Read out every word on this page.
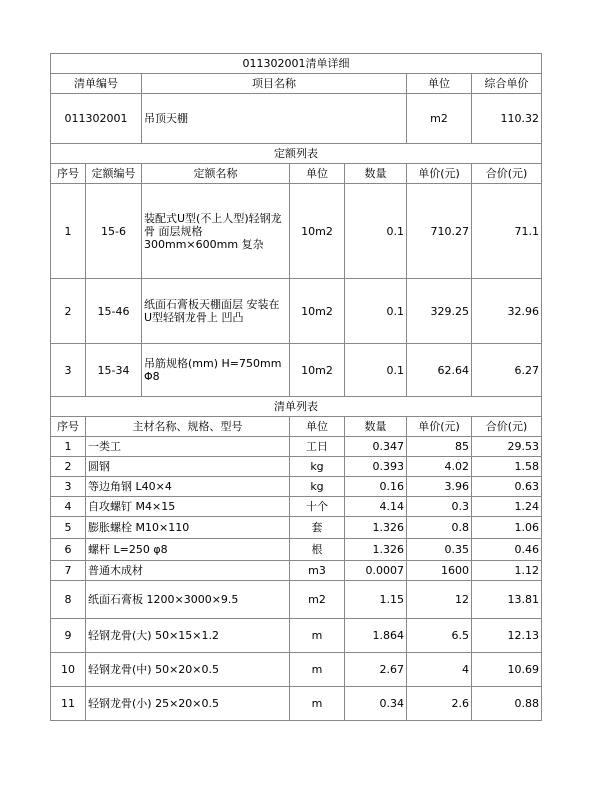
011302001清单详细						
清单编号		项目名称			单位	综合单价
011302001		吊顶天棚			m2	110.32
定额列表						
序号	定额编号	定额名称	单位	数量	单价(元)	合价(元)
1	15-6	装配式U型(不上人型)轻钢龙骨 面层规格300mm×600mm 复杂	10m2	0.1	710.27	71.1
2	15-46	纸面石膏板天棚面层 安装在U型轻钢龙骨上 凹凸	10m2	0.1	329.25	32.96
3	15-34	吊筋规格(mm) H=750mm Φ8	10m2	0.1	62.64	6.27
清单列表						
序号	主材名称、规格、型号		单位	数量	单价(元)	合价(元)
1	一类工		工日	0.347	85	29.53
2	圆钢		kg	0.393	4.02	1.58
3	等边角钢 L40×4		kg	0.16	3.96	0.63
4	自攻螺钉 M4×15		十个	4.14	0.3	1.24
5	膨胀螺栓 M10×110		套	1.326	0.8	1.06
6	螺杆 L=250 φ8		根	1.326	0.35	0.46
7	普通木成材		m3	0.0007	1600	1.12
8	纸面石膏板 1200×3000×9.5		m2	1.15	12	13.81
9	轻钢龙骨(大) 50×15×1.2		m	1.864	6.5	12.13
10	轻钢龙骨(中) 50×20×0.5		m	2.67	4	10.69
11	轻钢龙骨(小) 25×20×0.5		m	0.34	2.6	0.88
